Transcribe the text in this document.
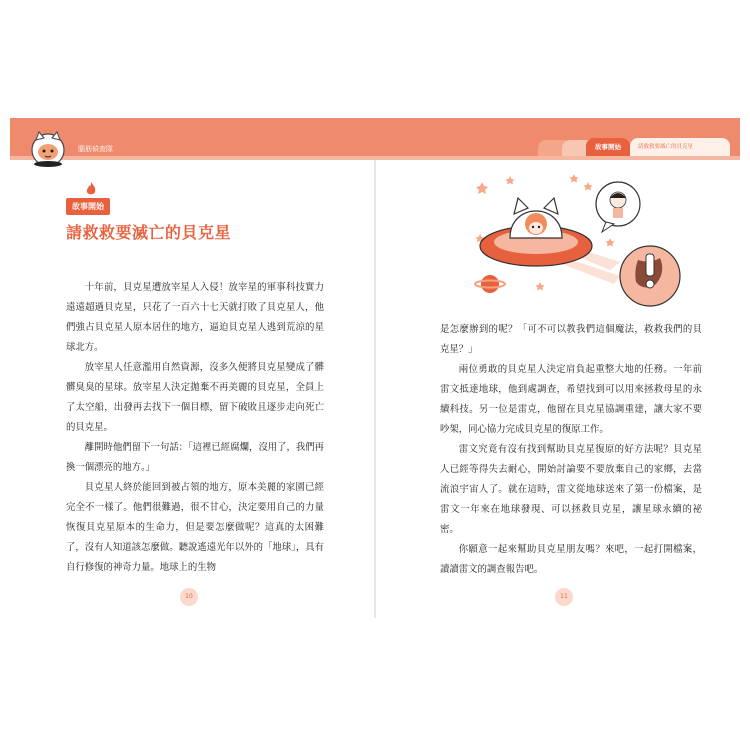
腦筋偵查隊	故事開始	請救救要滅亡的貝克星
故事開始
請救救要滅亡的貝克星

十年前，貝克星遭放宰星人入侵！放宰星的軍事科技實力遠遠超過貝克星，只花了一百六十七天就打敗了貝克星人，他們強占貝克星人原本居住的地方，逼迫貝克星人逃到荒涼的星球北方。

放宰星人任意濫用自然資源，沒多久便將貝克星變成了髒髒臭臭的星球。放宰星人決定拋棄不再美麗的貝克星，全員上了太空船，出發再去找下一個目標，留下破敗且逐步走向死亡的貝克星。

離開時他們留下一句話：「這裡已經腐爛，沒用了，我們再換一個漂亮的地方。」

貝克星人終於能回到被占領的地方，原本美麗的家園已經完全不一樣了。他們很難過，很不甘心，決定要用自己的力量恢復貝克星原本的生命力，但是要怎麼做呢？這真的太困難了，沒有人知道該怎麼做。聽說遙遠光年以外的「地球」，具有自行修復的神奇力量。地球上的生物

10

是怎麼辦到的呢？「可不可以教我們這個魔法，救救我們的貝克星？」

兩位勇敢的貝克星人決定肩負起重整大地的任務。一年前雷文抵達地球，他到處調查，希望找到可以用來拯救母星的永續科技。另一位是雷克，他留在貝克星協調重建，讓大家不要吵架，同心協力完成貝克星的復原工作。

雷文究竟有沒有找到幫助貝克星復原的好方法呢？貝克星人已經等得失去耐心，開始討論要不要放棄自己的家鄉，去當流浪宇宙人了。就在這時，雷文從地球送來了第一份檔案，是雷文一年來在地球發現、可以拯救貝克星，讓星球永續的祕密。

你願意一起來幫助貝克星朋友嗎？來吧，一起打開檔案，讀讀雷文的調查報告吧。

11
